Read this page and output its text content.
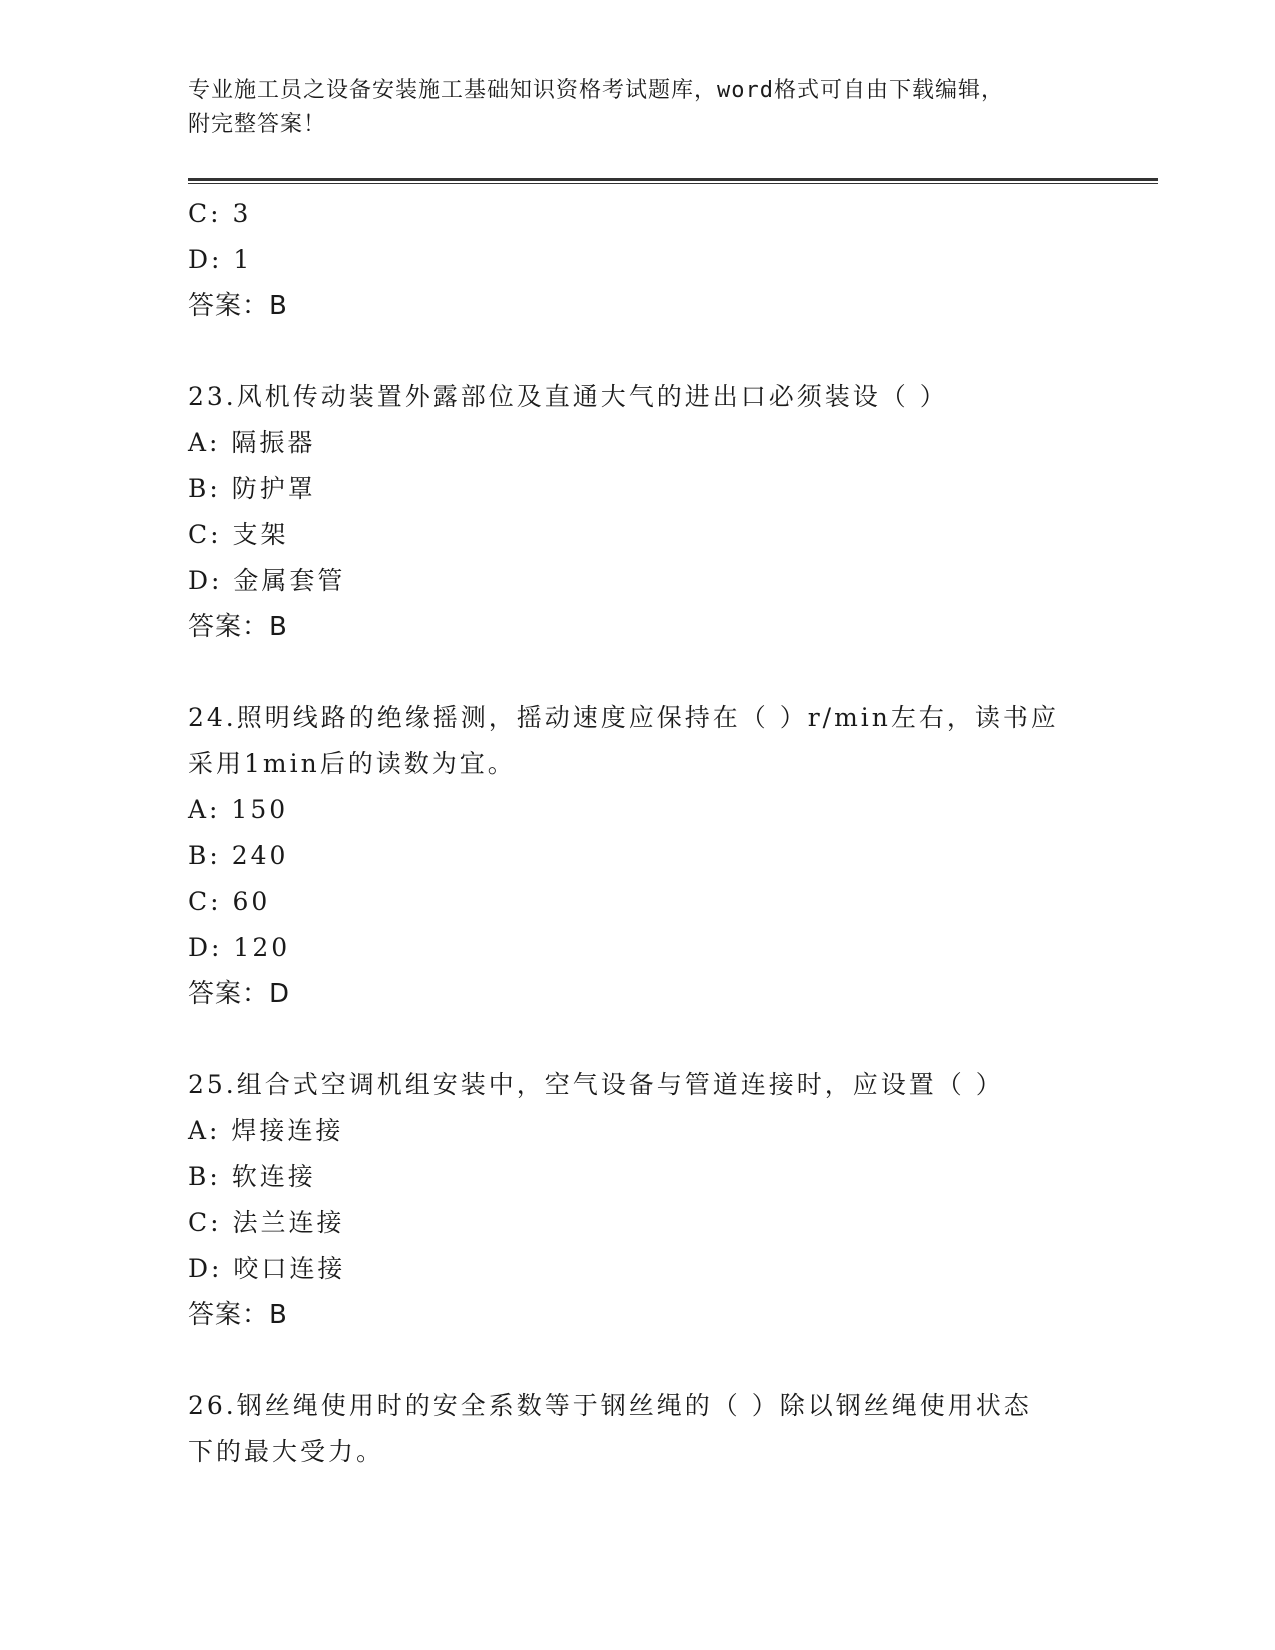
专业施工员之设备安装施工基础知识资格考试题库，word格式可自由下载编辑，
附完整答案！
C: 3
D: 1
答案：B
23.风机传动装置外露部位及直通大气的进出口必须装设（ ）
A: 隔振器
B: 防护罩
C: 支架
D: 金属套管
答案：B
24.照明线路的绝缘摇测，摇动速度应保持在（ ）r/min左右，读书应
采用1min后的读数为宜。
A: 150
B: 240
C: 60
D: 120
答案：D
25.组合式空调机组安装中，空气设备与管道连接时，应设置（ ）
A: 焊接连接
B: 软连接
C: 法兰连接
D: 咬口连接
答案：B
26.钢丝绳使用时的安全系数等于钢丝绳的（ ）除以钢丝绳使用状态
下的最大受力。
